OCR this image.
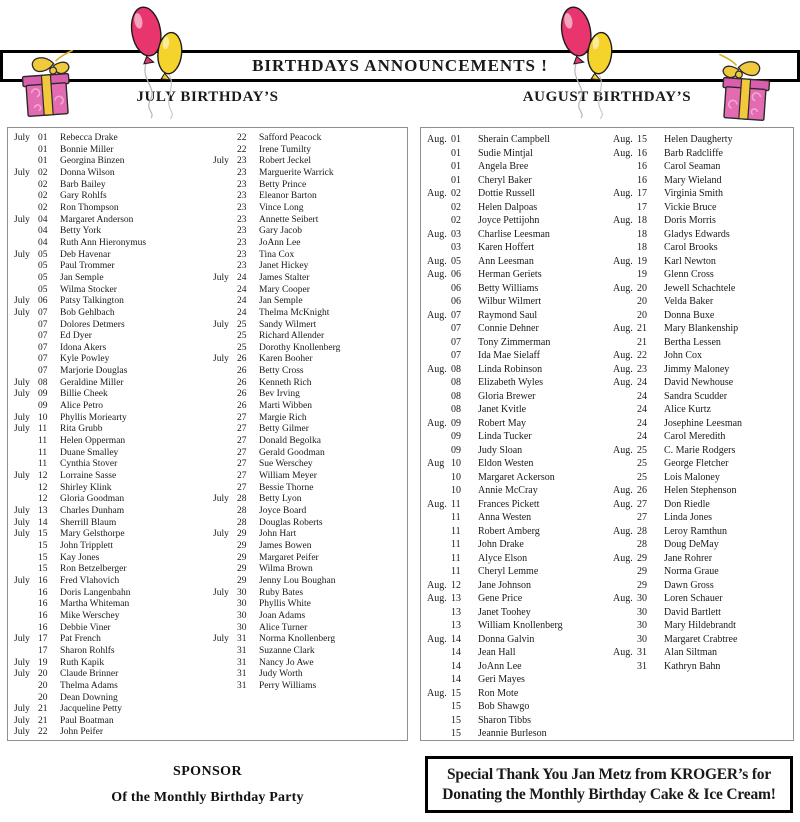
BIRTHDAYS ANNOUNCEMENTS !
JULY BIRTHDAY’S	AUGUST BIRTHDAY’S
July 01	Rebecca Drake
01	Bonnie Miller
01	Georgina Binzen
July 02	Donna Wilson
02	Barb Bailey
02	Gary Rohlfs
02	Ron Thompson
July 04	Margaret Anderson
04	Betty York
04	Ruth Ann Hieronymus
July 05	Deb Havenar
05	Paul Trommer
05	Jan Semple
05	Wilma Stocker
July 06	Patsy Talkington
July 07	Bob Gehlbach
07	Dolores Detmers
07	Ed Dyer
07	Idona Akers
07	Kyle Powley
07	Marjorie Douglas
July 08	Geraldine Miller
July 09	Billie Cheek
09	Alice Petro
July 10	Phyllis Moriearty
July 11	Rita Grubb
11	Helen Opperman
11	Duane Smalley
11	Cynthia Stover
July 12	Lorraine Sasse
12	Shirley Klink
12	Gloria Goodman
July 13	Charles Dunham
July 14	Sherrill Blaum
July 15	Mary Gelsthorpe
15	John Tripplett
15	Kay Jones
15	Ron Betzelberger
July 16	Fred Vlahovich
16	Doris Langenbahn
16	Martha Whiteman
16	Mike Werschey
16	Debbie Viner
July 17	Pat French
17	Sharon Rohlfs
July 19	Ruth Kapik
July 20	Claude Brinner
20	Thelma Adams
20	Dean Downing
July 21	Jacqueline Petty
July 21	Paul Boatman
July 22	John Peifer
22	Safford Peacock
22	Irene Tumilty
July 23	Robert Jeckel
23	Marguerite Warrick
23	Betty Prince
23	Eleanor Barton
23	Vince Long
23	Annette Seibert
23	Gary Jacob
23	JoAnn Lee
23	Tina Cox
23	Janet Hickey
July 24	James Stalter
24	Mary Cooper
24	Jan Semple
24	Thelma McKnight
July 25	Sandy Wilmert
25	Richard Allender
25	Dorothy Knollenberg
July 26	Karen Booher
26	Betty Cross
26	Kenneth Rich
26	Bev Irving
26	Marti Wibben
27	Margie Rich
27	Betty Gilmer
27	Donald Begolka
27	Gerald Goodman
27	Sue Werschey
27	William Meyer
27	Bessie Thorne
July 28	Betty Lyon
28	Joyce Board
28	Douglas Roberts
July 29	John Hart
29	James Bowen
29	Margaret Peifer
29	Wilma Brown
29	Jenny Lou Boughan
July 30	Ruby Bates
30	Phyllis White
30	Joan Adams
30	Alice Turner
July 31	Norma Knollenberg
31	Suzanne Clark
31	Nancy Jo Awe
31	Judy Worth
31	Perry Williams
Aug. 01	Sherain Campbell
01	Sudie Mintjal
01	Angela Bree
01	Cheryl Baker
Aug. 02	Dottie Russell
02	Helen Dalpoas
02	Joyce Pettijohn
Aug. 03	Charlise Leesman
03	Karen Hoffert
Aug. 05	Ann Leesman
Aug. 06	Herman Geriets
06	Betty Williams
06	Wilbur Wilmert
Aug. 07	Raymond Saul
07	Connie Dehner
07	Tony Zimmerman
07	Ida Mae Sielaff
Aug. 08	Linda Robinson
08	Elizabeth Wyles
08	Gloria Brewer
08	Janet Kvitle
Aug. 09	Robert May
09	Linda Tucker
09	Judy Sloan
Aug 10	Eldon Westen
10	Margaret Ackerson
10	Annie McCray
Aug. 11	Frances Pickett
11	Anna Westen
11	Robert Amberg
11	John Drake
11	Alyce Elson
11	Cheryl Lemme
Aug. 12	Jane Johnson
Aug. 13	Gene Price
13	Janet Toohey
13	William Knollenberg
Aug. 14	Donna Galvin
14	Jean Hall
14	JoAnn Lee
14	Geri Mayes
Aug. 15	Ron Mote
15	Bob Shawgo
15	Sharon Tibbs
15	Jeannie Burleson
Aug. 15	Helen Daugherty
Aug. 16	Barb Radcliffe
16	Carol Seaman
16	Mary Wieland
Aug. 17	Virginia Smith
17	Vickie Bruce
Aug. 18	Doris Morris
18	Gladys Edwards
18	Carol Brooks
Aug. 19	Karl Newton
19	Glenn Cross
Aug. 20	Jewell Schachtele
20	Velda Baker
20	Donna Buxe
Aug. 21	Mary Blankenship
21	Bertha Lessen
Aug. 22	John Cox
Aug. 23	Jimmy Maloney
Aug. 24	David Newhouse
24	Sandra Scudder
24	Alice Kurtz
24	Josephine Leesman
24	Carol Meredith
Aug. 25	C. Marie Rodgers
25	George Fletcher
25	Lois Maloney
Aug. 26	Helen Stephenson
Aug. 27	Don Riedle
27	Linda Jones
Aug. 28	Leroy Ramthun
28	Doug DeMay
Aug. 29	Jane Rohrer
29	Norma Graue
29	Dawn Gross
Aug. 30	Loren Schauer
30	David Bartlett
30	Mary Hildebrandt
30	Margaret Crabtree
Aug. 31	Alan Siltman
31	Kathryn Bahn
SPONSOR
Of the Monthly Birthday Party
Special Thank You Jan Metz from KROGER’s for
Donating the Monthly Birthday Cake & Ice Cream!
